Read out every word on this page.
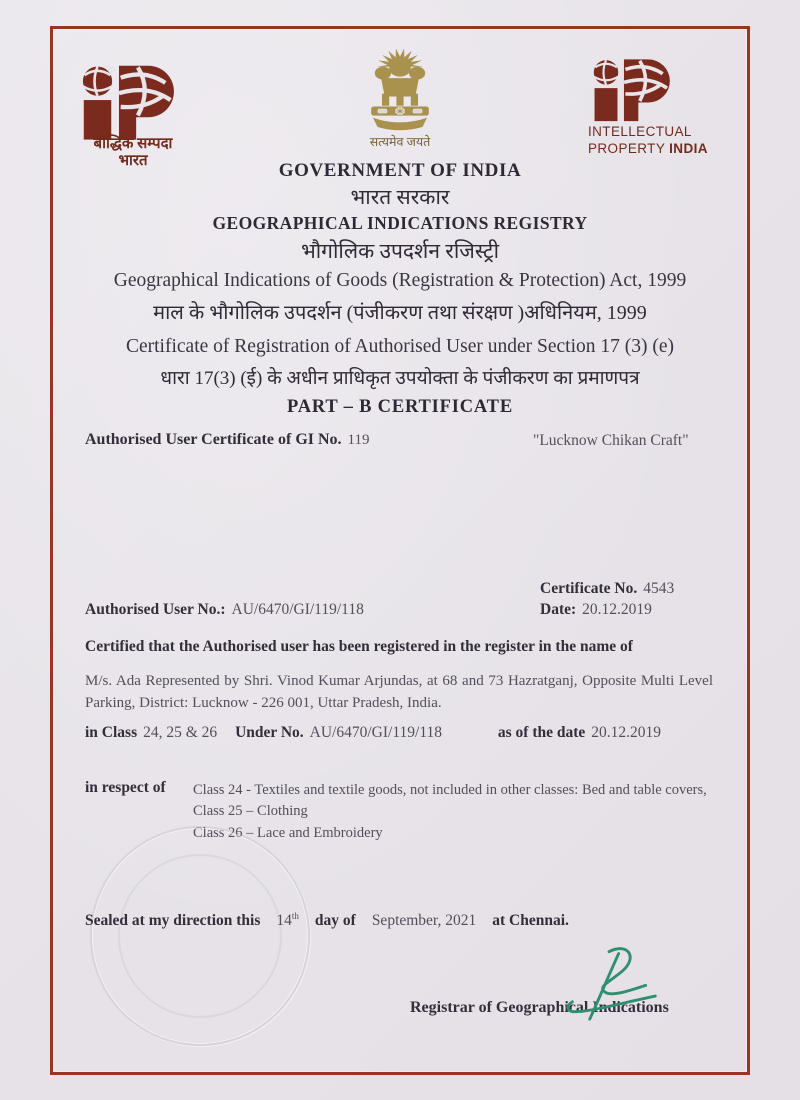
बौद्धिक सम्पदा
भारत
सत्यमेव जयते
INTELLECTUAL
PROPERTY INDIA
GOVERNMENT OF INDIA
भारत सरकार
GEOGRAPHICAL INDICATIONS REGISTRY
भौगोलिक उपदर्शन रजिस्ट्री
Geographical Indications of Goods (Registration & Protection) Act, 1999
माल के भौगोलिक उपदर्शन (पंजीकरण तथा संरक्षण )अधिनियम, 1999
Certificate of Registration of Authorised User under Section 17 (3) (e)
धारा 17(3) (ई) के अधीन प्राधिकृत उपयोक्ता के पंजीकरण का प्रमाणपत्र
PART – B CERTIFICATE
Authorised User Certificate of GI No. 119	"Lucknow Chikan Craft"
Certificate No. 4543
Authorised User No.: AU/6470/GI/119/118	Date: 20.12.2019
Certified that the Authorised user has been registered in the register in the name of
M/s. Ada Represented by Shri. Vinod Kumar Arjundas, at 68 and 73 Hazratganj, Opposite Multi Level Parking, District: Lucknow - 226 001, Uttar Pradesh, India.
in Class 24, 25 & 26 Under No. AU/6470/GI/119/118	as of the date 20.12.2019
in respect of Class 24 - Textiles and textile goods, not included in other classes: Bed and table covers,
Class 25 – Clothing
Class 26 – Lace and Embroidery
Sealed at my direction this 14th day of September, 2021 at Chennai.
Registrar of Geographical Indications
